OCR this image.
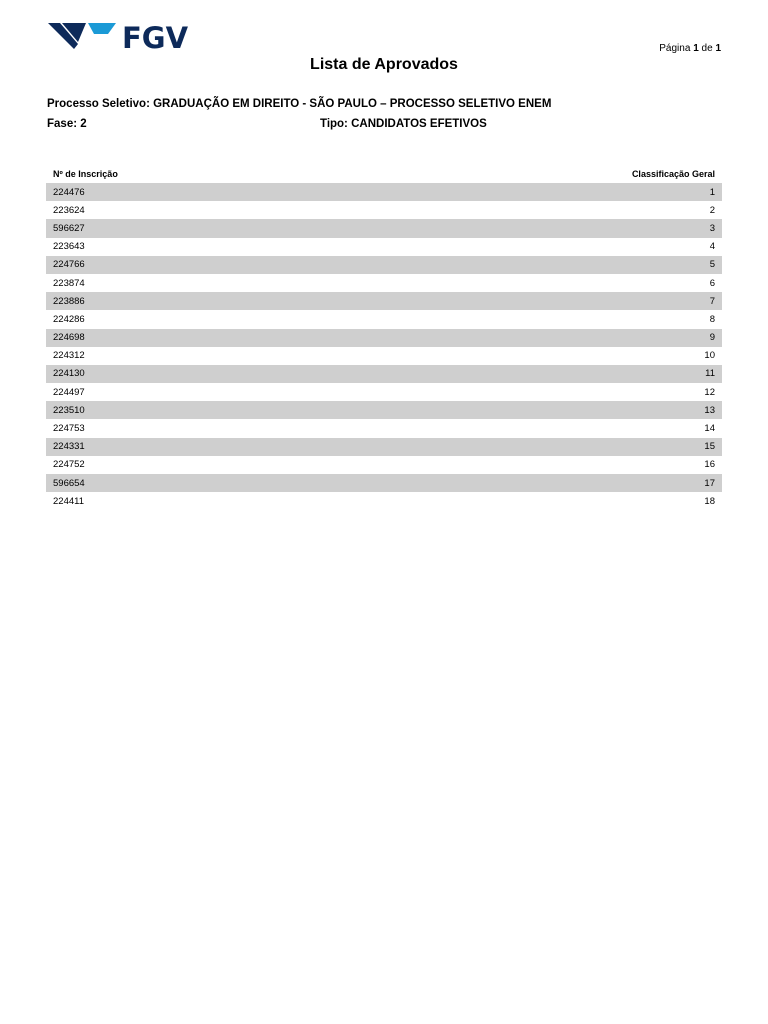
FGV	Página 1 de 1
Lista de Aprovados
Processo Seletivo: GRADUAÇÃO EM DIREITO - SÃO PAULO – PROCESSO SELETIVO ENEM
Fase: 2	Tipo: CANDIDATOS EFETIVOS
Nº de Inscrição	Classificação Geral
224476	1
223624	2
596627	3
223643	4
224766	5
223874	6
223886	7
224286	8
224698	9
224312	10
224130	11
224497	12
223510	13
224753	14
224331	15
224752	16
596654	17
224411	18
